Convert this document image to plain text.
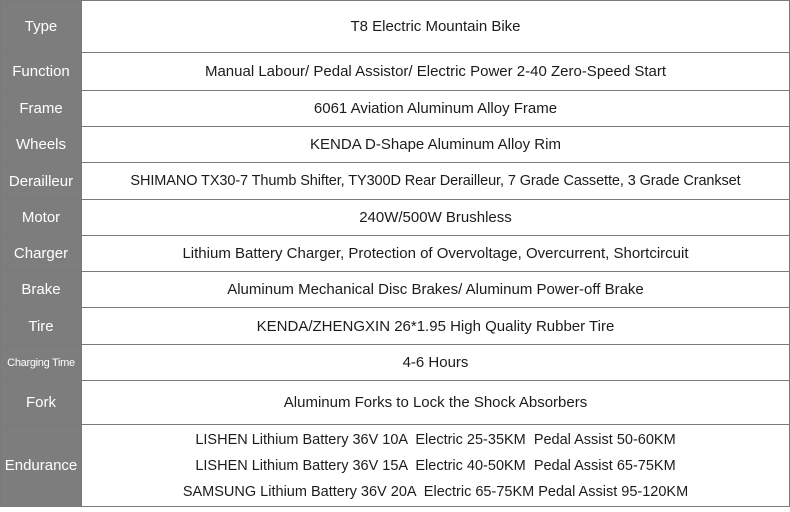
Type	T8 Electric Mountain Bike
Function	Manual Labour/ Pedal Assistor/ Electric Power 2-40 Zero-Speed Start
Frame	6061 Aviation Aluminum Alloy Frame
Wheels	KENDA D-Shape Aluminum Alloy Rim
Derailleur	SHIMANO TX30-7 Thumb Shifter, TY300D Rear Derailleur, 7 Grade Cassette, 3 Grade Crankset
Motor	240W/500W Brushless
Charger	Lithium Battery Charger, Protection of Overvoltage, Overcurrent, Shortcircuit
Brake	Aluminum Mechanical Disc Brakes/ Aluminum Power-off Brake
Tire	KENDA/ZHENGXIN 26*1.95 High Quality Rubber Tire
Charging Time	4-6 Hours
Fork	Aluminum Forks to Lock the Shock Absorbers
Endurance	LISHEN Lithium Battery 36V 10A  Electric 25-35KM  Pedal Assist 50-60KM
LISHEN Lithium Battery 36V 15A  Electric 40-50KM  Pedal Assist 65-75KM
SAMSUNG Lithium Battery 36V 20A  Electric 65-75KM Pedal Assist 95-120KM
